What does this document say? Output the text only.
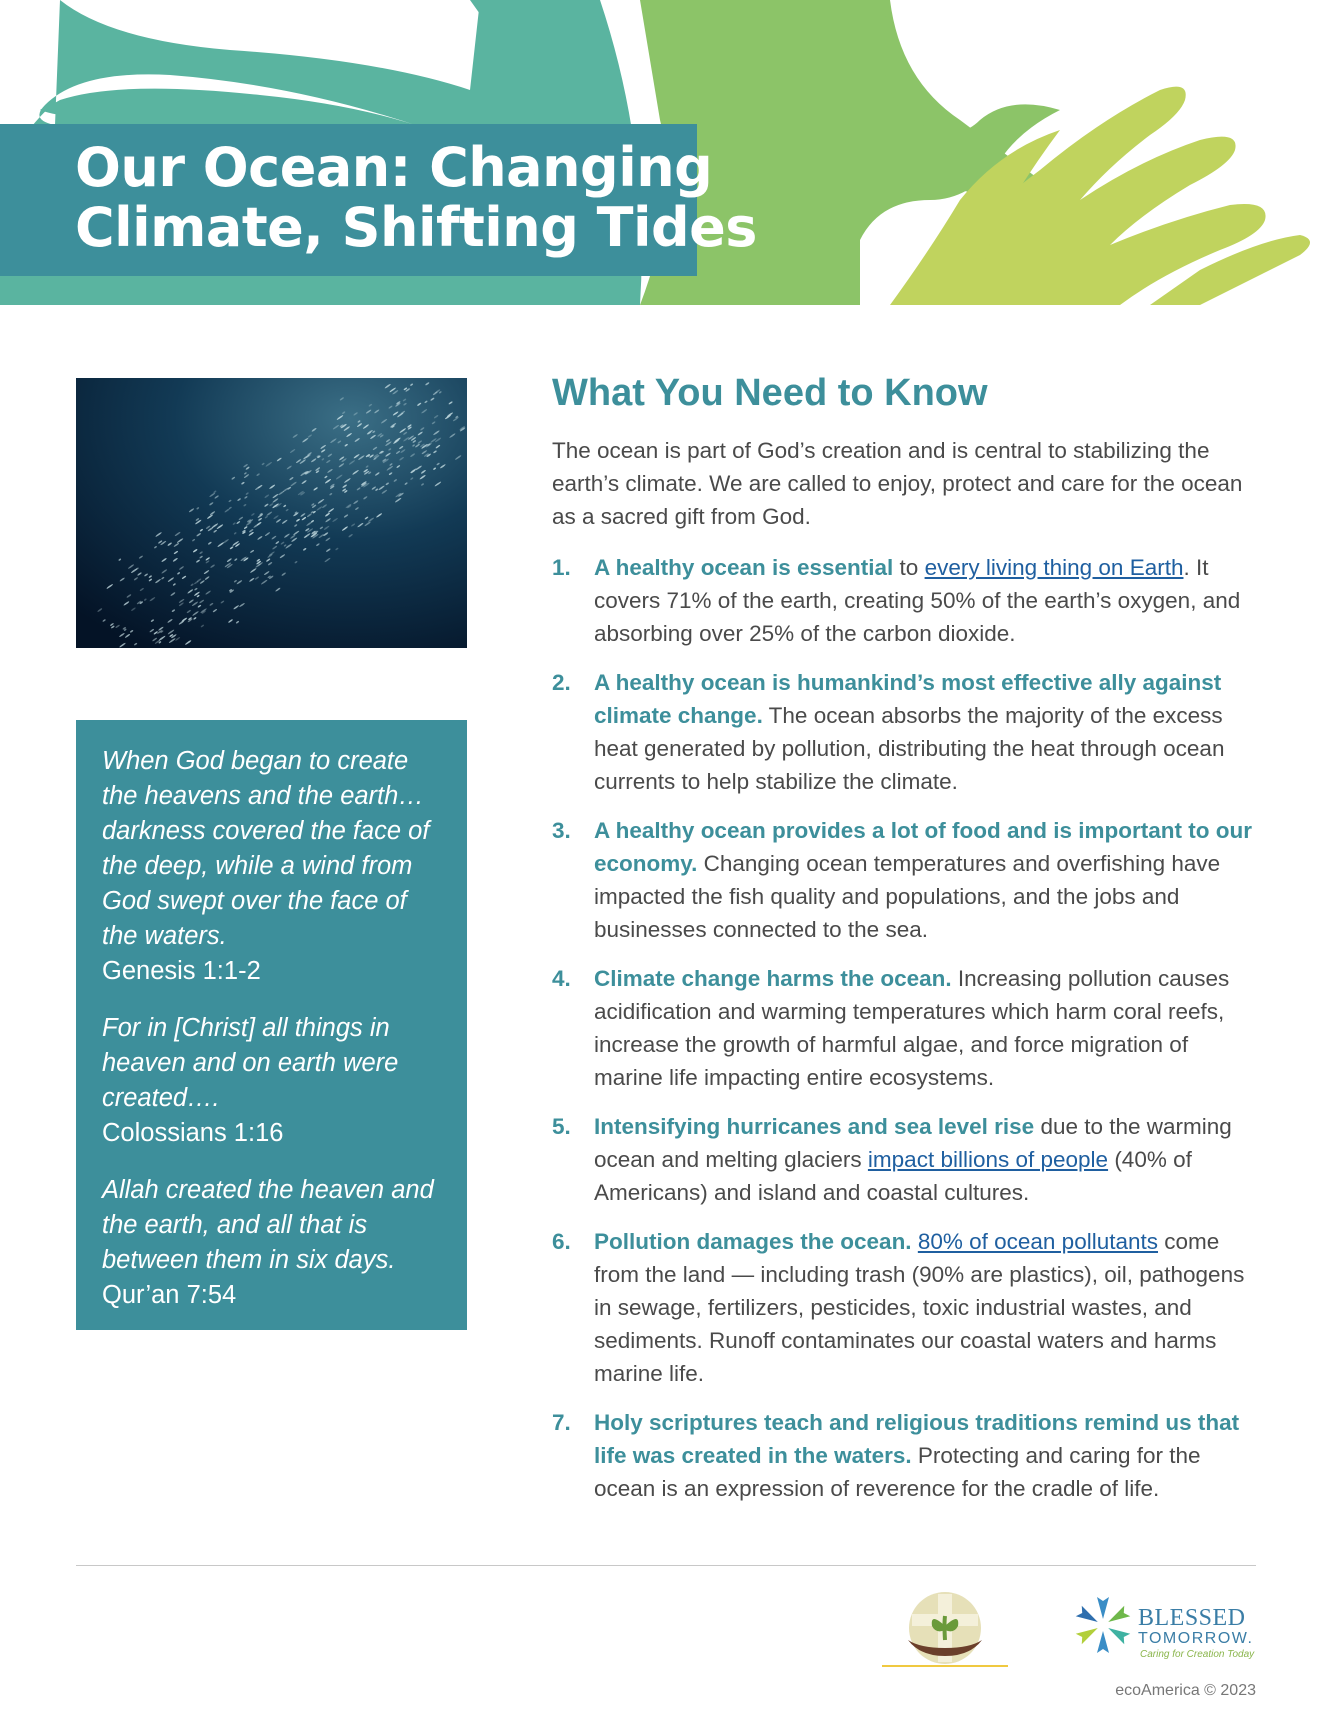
Our Ocean: Changing
Climate, Shifting Tides
When God began to create the heavens and the earth… darkness covered the face of the deep, while a wind from God swept over the face of the waters.
Genesis 1:1-2
For in [Christ] all things in heaven and on earth were created….
Colossians 1:16
Allah created the heaven and the earth, and all that is between them in six days.
Qur’an 7:54
What You Need to Know

The ocean is part of God’s creation and is central to stabilizing the earth’s climate. We are called to enjoy, protect and care for the ocean as a sacred gift from God.

1. A healthy ocean is essential to every living thing on Earth. It covers 71% of the earth, creating 50% of the earth’s oxygen, and absorbing over 25% of the carbon dioxide.
2. A healthy ocean is humankind’s most effective ally against climate change. The ocean absorbs the majority of the excess heat generated by pollution, distributing the heat through ocean currents to help stabilize the climate.
3. A healthy ocean provides a lot of food and is important to our economy. Changing ocean temperatures and overfishing have impacted the fish quality and populations, and the jobs and businesses connected to the sea.
4. Climate change harms the ocean. Increasing pollution causes acidification and warming temperatures which harm coral reefs, increase the growth of harmful algae, and force migration of marine life impacting entire ecosystems.
5. Intensifying hurricanes and sea level rise due to the warming ocean and melting glaciers impact billions of people (40% of Americans) and island and coastal cultures.
6. Pollution damages the ocean. 80% of ocean pollutants come from the land — including trash (90% are plastics), oil, pathogens in sewage, fertilizers, pesticides, toxic industrial wastes, and sediments. Runoff contaminates our coastal waters and harms marine life.
7. Holy scriptures teach and religious traditions remind us that life was created in the waters. Protecting and caring for the ocean is an expression of reverence for the cradle of life.
BLESSED
TOMORROW.
Caring for Creation Today
ecoAmerica © 2023
